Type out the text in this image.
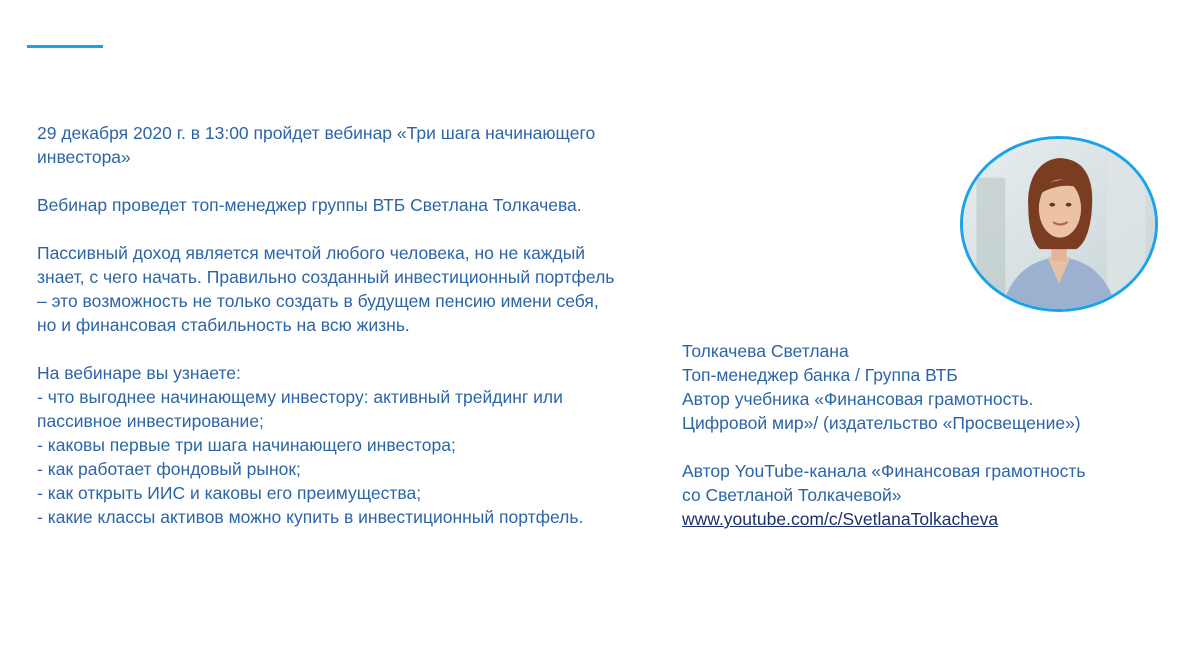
29 декабря 2020 г. в 13:00 пройдет вебинар «Три шага начинающего инвестора»

Вебинар проведет топ-менеджер группы ВТБ Светлана Толкачева.

Пассивный доход является мечтой любого человека, но не каждый знает, с чего начать. Правильно созданный инвестиционный портфель – это возможность не только создать в будущем пенсию имени себя, но и финансовая стабильность на всю жизнь.

На вебинаре вы узнаете:

- что выгоднее начинающему инвестору: активный трейдинг или пассивное инвестирование;

- каковы первые три шага начинающего инвестора;

- как работает фондовый рынок;

- как открыть ИИС и каковы его преимущества;

- какие классы активов можно купить в инвестиционный портфель.

Толкачева Светлана

Топ-менеджер банка / Группа ВТБ

Автор учебника «Финансовая грамотность.

Цифровой мир»/ (издательство «Просвещение»)

Автор YouTube-канала «Финансовая грамотность

со Светланой Толкачевой»

www.youtube.com/c/SvetlanaTolkacheva
